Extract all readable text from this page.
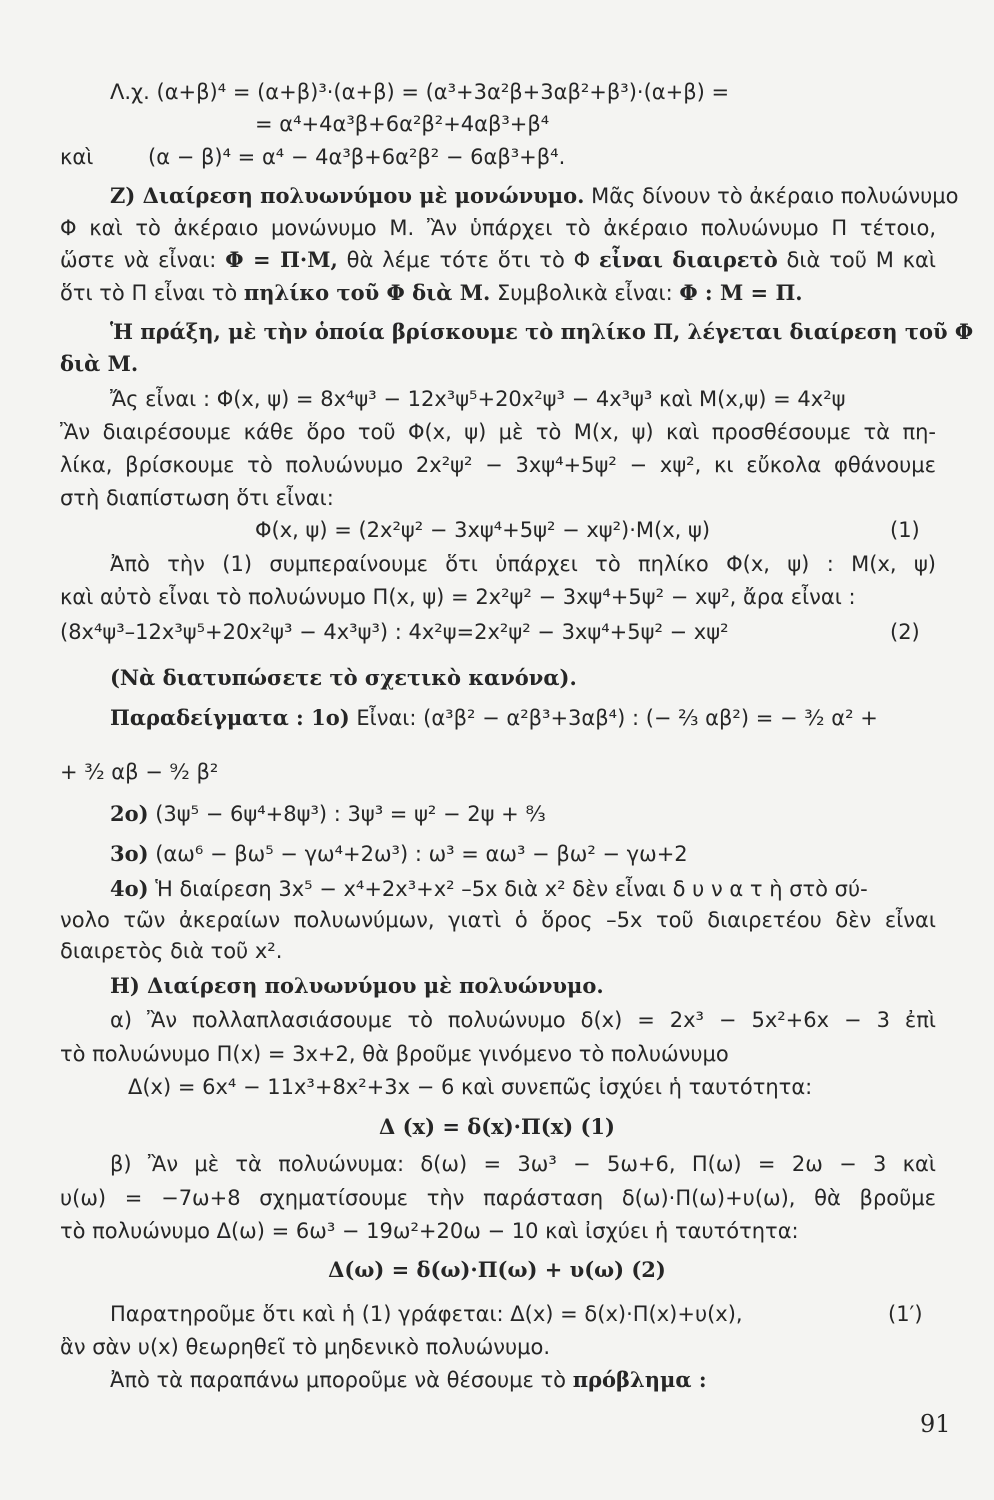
Λ.χ. (α+β)⁴ = (α+β)³·(α+β) = (α³+3α²β+3αβ²+β³)·(α+β) =
= α⁴+4α³β+6α²β²+4αβ³+β⁴
καὶ	(α − β)⁴ = α⁴ − 4α³β+6α²β² − 6αβ³+β⁴.
Ζ) Διαίρεση πολυωνύμου μὲ μονώνυμο. Μᾶς δίνουν τὸ ἀκέραιο πολυώνυμο
Φ καὶ τὸ ἀκέραιο μονώνυμο Μ. Ἂν ὑπάρχει τὸ ἀκέραιο πολυώνυμο Π τέτοιο,
ὥστε νὰ εἶναι: Φ = Π·Μ, θὰ λέμε τότε ὅτι τὸ Φ εἶναι διαιρετὸ διὰ τοῦ Μ καὶ
ὅτι τὸ Π εἶναι τὸ πηλίκο τοῦ Φ διὰ Μ. Συμβολικὰ εἶναι: Φ : Μ = Π.
Ἡ πράξη, μὲ τὴν ὁποία βρίσκουμε τὸ πηλίκο Π, λέγεται διαίρεση τοῦ Φ
διὰ Μ.
Ἄς εἶναι : Φ(x, ψ) = 8x⁴ψ³ − 12x³ψ⁵+20x²ψ³ − 4x³ψ³ καὶ Μ(x,ψ) = 4x²ψ
Ἂν διαιρέσουμε κάθε ὅρο τοῦ Φ(x, ψ) μὲ τὸ Μ(x, ψ) καὶ προσθέσουμε τὰ πη-
λίκα, βρίσκουμε τὸ πολυώνυμο 2x²ψ² − 3xψ⁴+5ψ² − xψ², κι εὔκολα φθάνουμε
στὴ διαπίστωση ὅτι εἶναι:
Φ(x, ψ) = (2x²ψ² − 3xψ⁴+5ψ² − xψ²)·Μ(x, ψ)	(1)
Ἀπὸ τὴν (1) συμπεραίνουμε ὅτι ὑπάρχει τὸ πηλίκο Φ(x, ψ) : Μ(x, ψ)
καὶ αὐτὸ εἶναι τὸ πολυώνυμο Π(x, ψ) = 2x²ψ² − 3xψ⁴+5ψ² − xψ², ἄρα εἶναι :
(8x⁴ψ³–12x³ψ⁵+20x²ψ³ − 4x³ψ³) : 4x²ψ=2x²ψ² − 3xψ⁴+5ψ² − xψ²	(2)
(Νὰ διατυπώσετε τὸ σχετικὸ κανόνα).
Παραδείγματα : 1ο) Εἶναι: (α³β² − α²β³+3αβ⁴) : (− ⅔ αβ²) = − ³⁄₂ α² +
+ ³⁄₂ αβ − ⁹⁄₂ β²
2ο) (3ψ⁵ − 6ψ⁴+8ψ³) : 3ψ³ = ψ² − 2ψ + ⁸⁄₃
3ο) (αω⁶ − βω⁵ − γω⁴+2ω³) : ω³ = αω³ − βω² − γω+2
4ο) Ἡ διαίρεση 3x⁵ − x⁴+2x³+x² –5x διὰ x² δὲν εἶναι δ υ ν α τ ὴ στὸ σύ-
νολο τῶν ἀκεραίων πολυωνύμων, γιατὶ ὁ ὅρος –5x τοῦ διαιρετέου δὲν εἶναι
διαιρετὸς διὰ τοῦ x².
Η) Διαίρεση πολυωνύμου μὲ πολυώνυμο.
α) Ἂν πολλαπλασιάσουμε τὸ πολυώνυμο δ(x) = 2x³ − 5x²+6x − 3 ἐπὶ
τὸ πολυώνυμο Π(x) = 3x+2, θὰ βροῦμε γινόμενο τὸ πολυώνυμο
Δ(x) = 6x⁴ − 11x³+8x²+3x − 6 καὶ συνεπῶς ἰσχύει ἡ ταυτότητα:
Δ (x) = δ(x)·Π(x) (1)
β) Ἂν μὲ τὰ πολυώνυμα: δ(ω) = 3ω³ − 5ω+6, Π(ω) = 2ω − 3 καὶ
υ(ω) = −7ω+8 σχηματίσουμε τὴν παράσταση δ(ω)·Π(ω)+υ(ω), θὰ βροῦμε
τὸ πολυώνυμο Δ(ω) = 6ω³ − 19ω²+20ω − 10 καὶ ἰσχύει ἡ ταυτότητα:
Δ(ω) = δ(ω)·Π(ω) + υ(ω) (2)
Παρατηροῦμε ὅτι καὶ ἡ (1) γράφεται: Δ(x) = δ(x)·Π(x)+υ(x),	(1′)
ἂν σὰν υ(x) θεωρηθεῖ τὸ μηδενικὸ πολυώνυμο.
Ἀπὸ τὰ παραπάνω μποροῦμε νὰ θέσουμε τὸ πρόβλημα :
91
